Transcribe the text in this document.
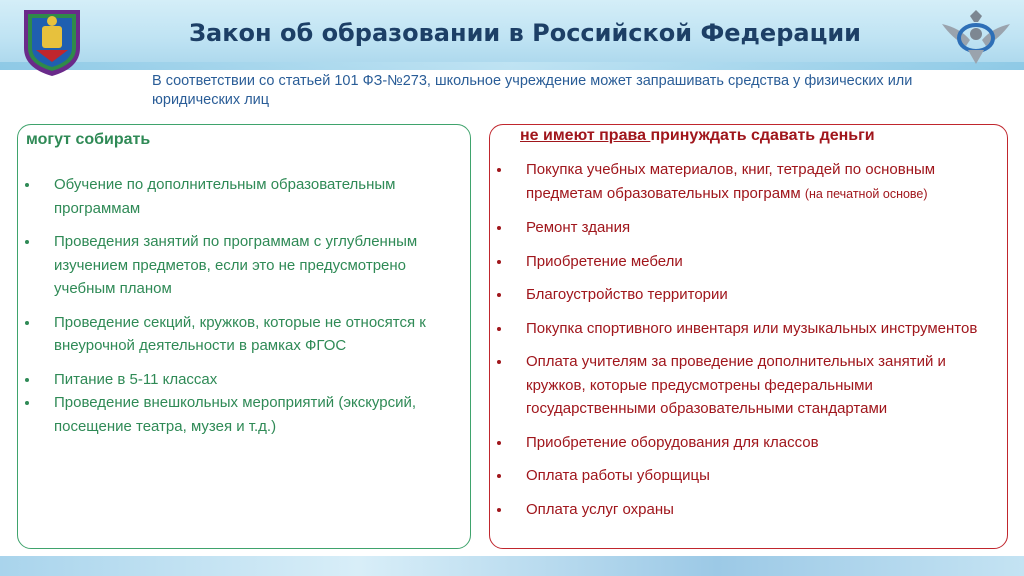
Закон об образовании в Российской Федерации
В соответствии со статьей 101 ФЗ-№273, школьное учреждение может запрашивать средства у физических или юридических лиц
могут собирать
Обучение по дополнительным образовательным программам
Проведения занятий по программам с углубленным изучением предметов, если это не предусмотрено учебным планом
Проведение секций, кружков, которые не относятся к внеурочной деятельности в рамках ФГОС
Питание в 5-11 классах
Проведение внешкольных мероприятий (экскурсий, посещение театра, музея и т.д.)
не имеют права принуждать сдавать деньги
Покупка учебных материалов, книг, тетрадей по основным предметам образовательных программ (на печатной основе)
Ремонт здания
Приобретение мебели
Благоустройство территории
Покупка спортивного инвентаря или музыкальных инструментов
Оплата учителям за проведение дополнительных занятий и кружков, которые предусмотрены федеральными государственными образовательными стандартами
Приобретение оборудования для классов
Оплата работы уборщицы
Оплата услуг охраны
